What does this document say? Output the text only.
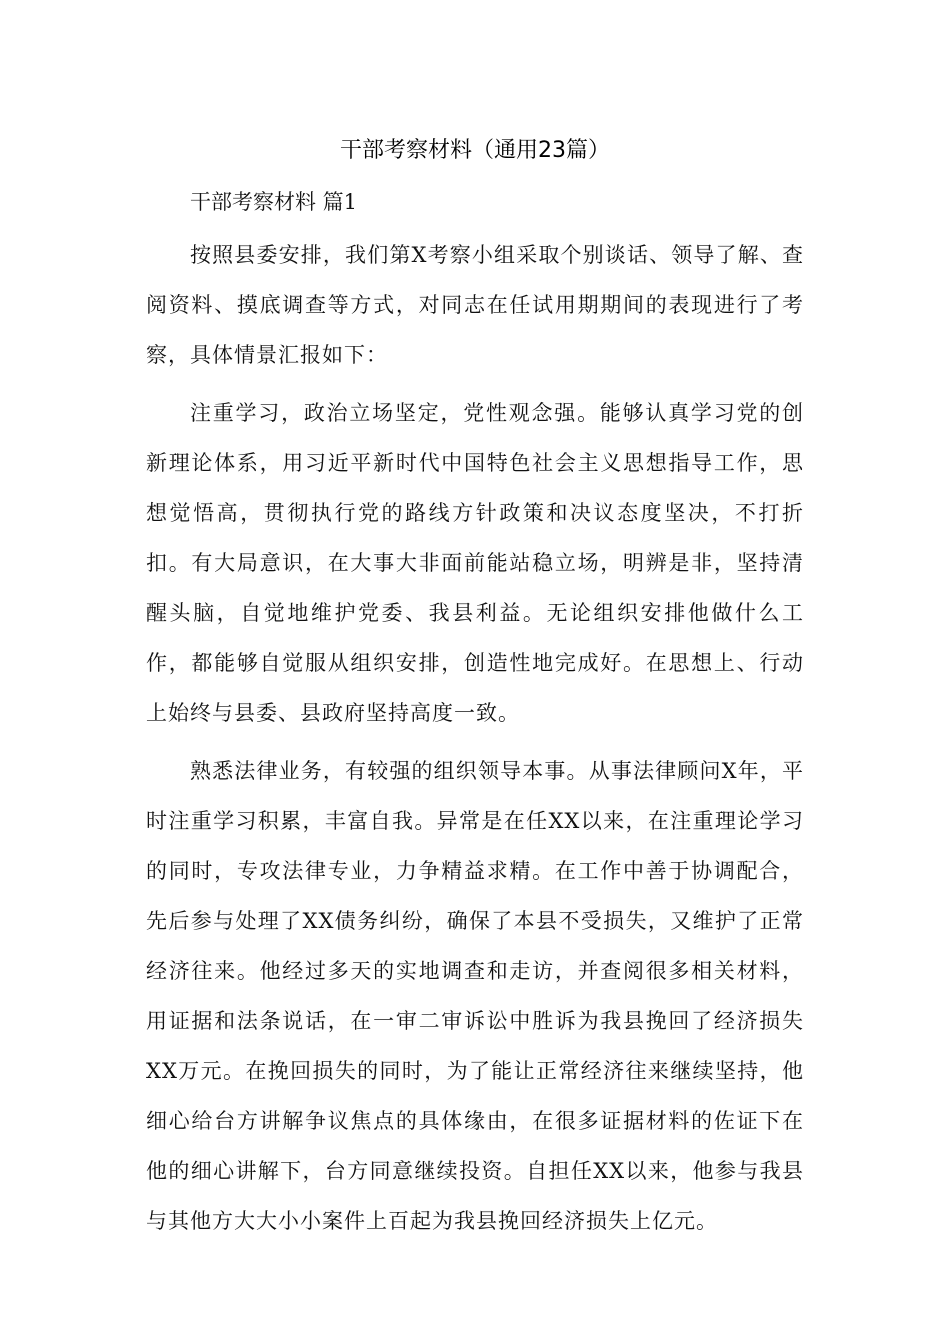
干部考察材料（通用23篇）

干部考察材料 篇1

按照县委安排，我们第X考察小组采取个别谈话、领导了解、查阅资料、摸底调查等方式，对同志在任试用期期间的表现进行了考察，具体情景汇报如下：

注重学习，政治立场坚定，党性观念强。能够认真学习党的创新理论体系，用习近平新时代中国特色社会主义思想指导工作，思想觉悟高，贯彻执行党的路线方针政策和决议态度坚决，不打折扣。有大局意识，在大事大非面前能站稳立场，明辨是非，坚持清醒头脑，自觉地维护党委、我县利益。无论组织安排他做什么工作，都能够自觉服从组织安排，创造性地完成好。在思想上、行动上始终与县委、县政府坚持高度一致。

熟悉法律业务，有较强的组织领导本事。从事法律顾问X年，平时注重学习积累，丰富自我。异常是在任XX以来，在注重理论学习的同时，专攻法律专业，力争精益求精。在工作中善于协调配合，先后参与处理了XX债务纠纷，确保了本县不受损失，又维护了正常经济往来。他经过多天的实地调查和走访，并查阅很多相关材料，用证据和法条说话，在一审二审诉讼中胜诉为我县挽回了经济损失XX万元。在挽回损失的同时，为了能让正常经济往来继续坚持，他细心给台方讲解争议焦点的具体缘由，在很多证据材料的佐证下在他的细心讲解下，台方同意继续投资。自担任XX以来，他参与我县与其他方大大小小案件上百起为我县挽回经济损失上亿元。
